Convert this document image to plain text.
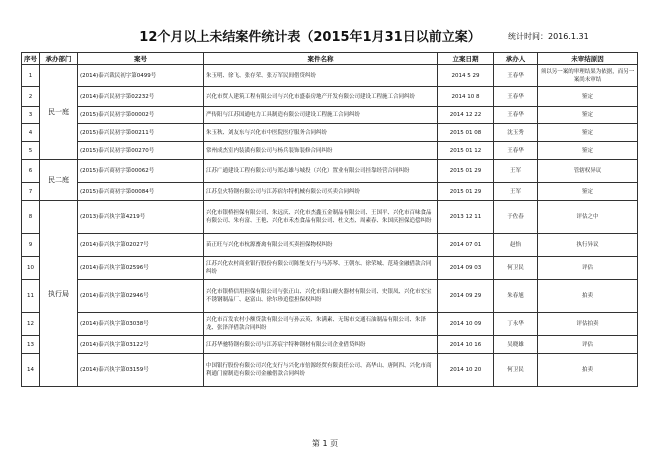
12个月以上未结案件统计表（2015年1月31日以前立案）	统计时间：2016.1.31
序号	承办部门	案号	案件名称	立案日期	承办人	未审结原因
1	民一庭	(2014)泰兴裁民初字第0499号	朱玉明、徐飞、张存荣、张万军民间借贷纠纷	2014 5 29	王春华	须以另一案的审理结果为依据，而另一案尚未审结
2		(2014)泰兴民初字第02232号	兴化市贸人建筑工程有限公司与兴化市盛泰房地产开发有限公司建设工程施工合同纠纷	2014 10 8	王春华	鉴定
3		(2015)泰兴民初字第00002号	严传阳与江苏国通电力工具制造有限公司建设工程施工合同纠纷	2014 12 22	王春华	鉴定
4		(2015)泰兴民初字第00211号	朱玉秋、刘友东与兴化市中医院医疗服务合同纠纷	2015 01 08	沈玉秀	鉴定
5		(2015)泰兴民初字第00270号	常州成杰室内装潢有限公司与杨兵装饰装修合同纠纷	2015 01 12	王春华	鉴定
6	民二庭	(2015)泰兴商初字第00062号	江苏广通建设工程有限公司与郑志雄与城投（兴化）置业有限公司挂靠经营合同纠纷	2015 01 29	王军	管辖权异议
7		(2015)泰兴商初字第00084号	江苏皇火特钢有限公司与江苏宿尔特机械有限公司买卖合同纠纷	2015 01 29	王军	鉴定
8	执行局	(2013)泰兴执字第4219号	兴化市银桥担保有限公司、朱远庆、兴化市杰鑫五金制品有限公司、王国平、兴化市百味食品有限公司、朱有富、王艳、兴化市禾杰食品有限公司、杜文杰、周素春、朱国庆担保追偿纠纷	2013 12 11	于佐春	评估之中
9		(2014)泰兴执字第02027号	苗正旺与兴化市杭源畜禽有限公司买卖担保物权纠纷	2014 07 01	赵怡	执行异议
10		(2014)泰兴执字第02596号	江苏兴化农村商业银行股份有限公司陈堡支行与马苏琴、王朝东、徐荣城、范琦金融借款合同纠纷	2014 09 03	何卫民	评估
11		(2014)泰兴执字第02946号	兴化市银桥信用担保有限公司与张正山、兴化市阳山耐火器材有限公司、史银凤、兴化市宏宝不锈钢制品厂、赵富山、徐尔珍追偿担保权纠纷	2014 09 29	朱春旭	拍卖
12		(2014)泰兴执字第03038号	兴化市百发农村小额贷款有限公司与孙云英、朱满素、无锡市交通石油制品有限公司、朱泽龙、张泽洋借款合同纠纷	2014 10 09	丁永华	评估拍卖
13		(2014)泰兴执字第03122号	江苏华驰特钢有限公司与江苏宸宇特种钢材有限公司企业借贷纠纷	2014 10 16	吴晓雄	评估
14		(2014)泰兴执字第03159号	中国银行股份有限公司兴化支行与兴化市倍源经贸有限责任公司、高华山、唐阿四、兴化市商利通门窗制造有限公司金融借款合同纠纷	2014 10 20	何卫民	拍卖
第 1 页
